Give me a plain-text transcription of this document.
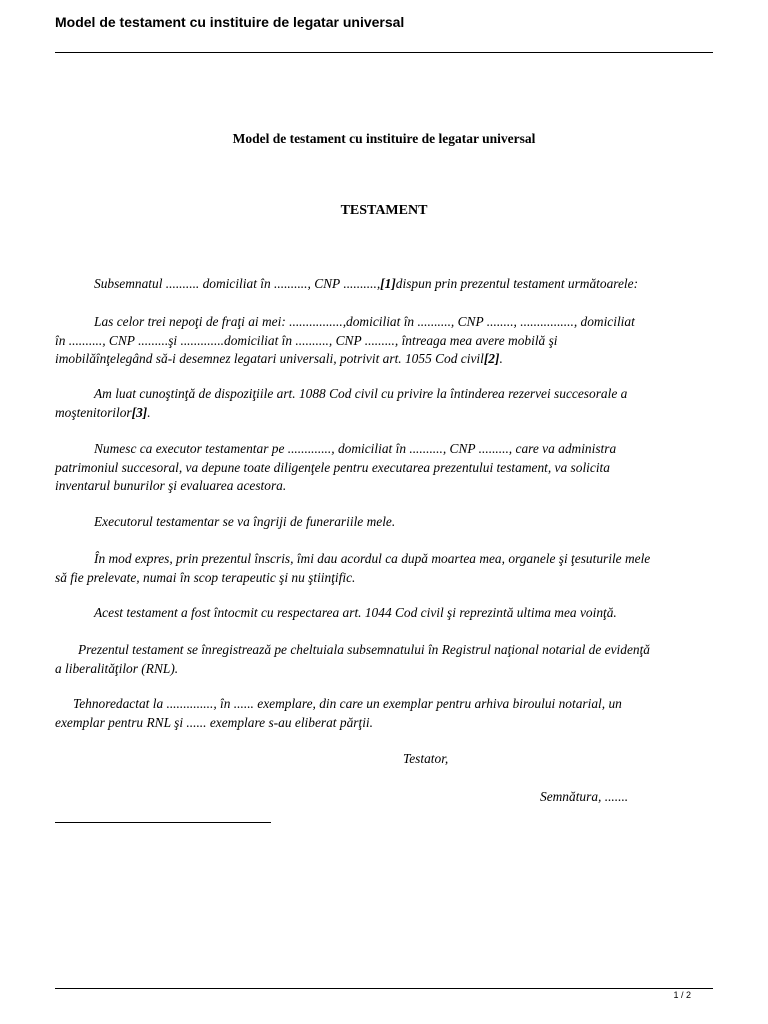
Model de testament cu instituire de legatar universal
Model de testament cu instituire de legatar universal
TESTAMENT
Subsemnatul .......... domiciliat în .........., CNP ..........,[1]dispun prin prezentul testament următoarele:
Las celor trei nepoţi de fraţi ai mei: ................,domiciliat în .........., CNP ........, ................, domiciliat
în .........., CNP .........şi .............domiciliat în .........., CNP ........., întreaga mea avere mobilă şi
imobilăînţelegând să-i desemnez legatari universali, potrivit art. 1055 Cod civil[2].
Am luat cunoştinţă de dispoziţiile art. 1088 Cod civil cu privire la întinderea rezervei succesorale a
moştenitorilor[3].
Numesc ca executor testamentar pe ............., domiciliat în .........., CNP ........., care va administra
patrimoniul succesoral, va depune toate diligenţele pentru executarea prezentului testament, va solicita
inventarul bunurilor şi evaluarea acestora.
Executorul testamentar se va îngriji de funerariile mele.
În mod expres, prin prezentul înscris, îmi dau acordul ca după moartea mea, organele şi ţesuturile mele
să fie prelevate, numai în scop terapeutic şi nu ştiinţific.
Acest testament a fost întocmit cu respectarea art. 1044 Cod civil şi reprezintă ultima mea voinţă.
Prezentul testament se înregistrează pe cheltuiala subsemnatului în Registrul naţional notarial de evidenţă
a liberalităţilor (RNL).
Tehnoredactat la .............., în ...... exemplare, din care un exemplar pentru arhiva biroului notarial, un
exemplar pentru RNL şi ...... exemplare s-au eliberat părţii.
Testator,
Semnătura, .......
1 / 2
